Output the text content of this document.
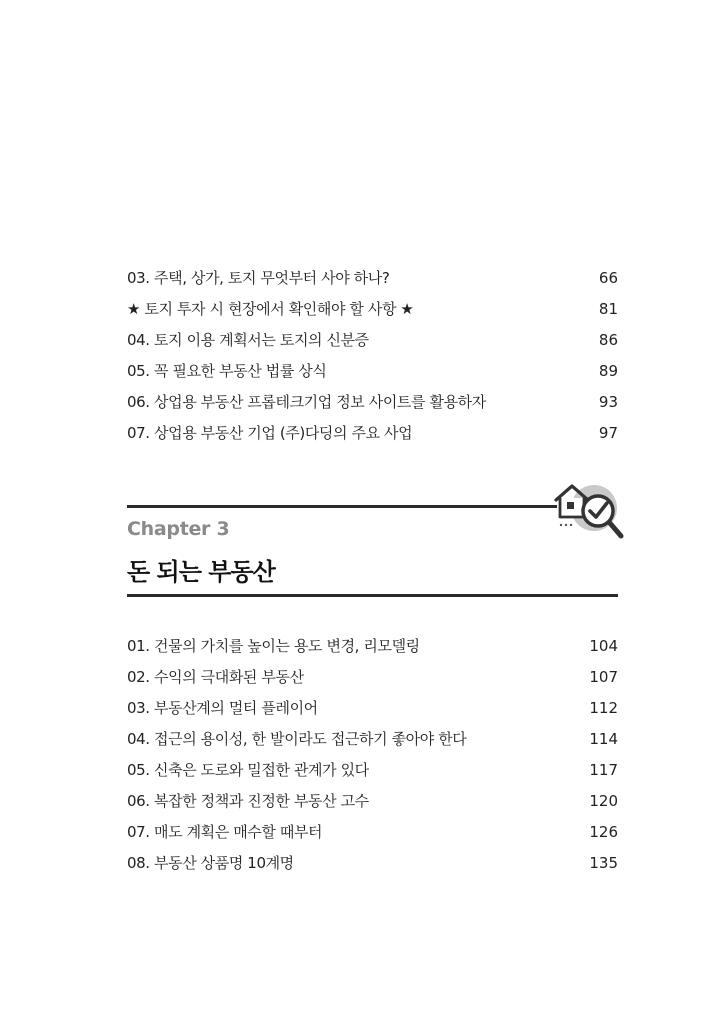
03. 주택, 상가, 토지 무엇부터 사야 하나?	66
★ 토지 투자 시 현장에서 확인해야 할 사항 ★	81
04. 토지 이용 계획서는 토지의 신분증	86
05. 꼭 필요한 부동산 법률 상식	89
06. 상업용 부동산 프롭테크기업 정보 사이트를 활용하자	93
07. 상업용 부동산 기업 (주)다딩의 주요 사업	97
Chapter 3
돈 되는 부동산
01. 건물의 가치를 높이는 용도 변경, 리모델링	104
02. 수익의 극대화된 부동산	107
03. 부동산계의 멀티 플레이어	112
04. 접근의 용이성, 한 발이라도 접근하기 좋아야 한다	114
05. 신축은 도로와 밀접한 관계가 있다	117
06. 복잡한 정책과 진정한 부동산 고수	120
07. 매도 계획은 매수할 때부터	126
08. 부동산 상품명 10계명	135
